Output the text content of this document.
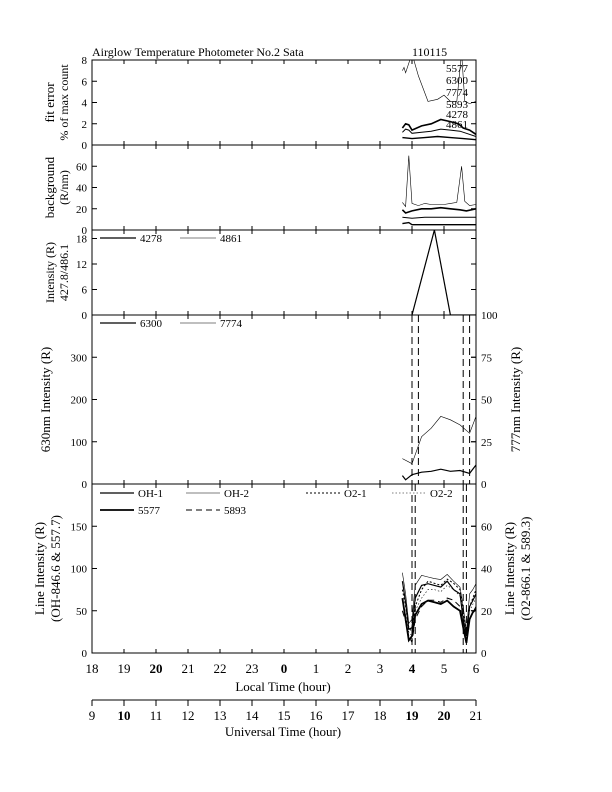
Airglow Temperature Photometer No.2 Sata	110115
0
2
4
6
8
fit error % of max count	5577
6300
7774
5893
4278
4861
0
20
40
60
background (R/nm)
0
6
12
18
Intensity (R) 427.8/486.1
4278	4861
0
100
200
300
0
25
50
75
100
630nm Intensity (R)	777nm Intensity (R)
6300	7774
0
50
100
150
0
20
40
60
Line Intensity (R) (OH-846.6 & 557.7)	Line Intensity (R) (O2-866.1 & 589.3)
OH-1	OH-2	O2-1	O2-2
5577	5893
18 19 20 21 22 23 0 1 2 3 4 5 6
9 10 11 12 13 14 15 16 17 18 19 20 21
Local Time (hour)
Universal Time (hour)
